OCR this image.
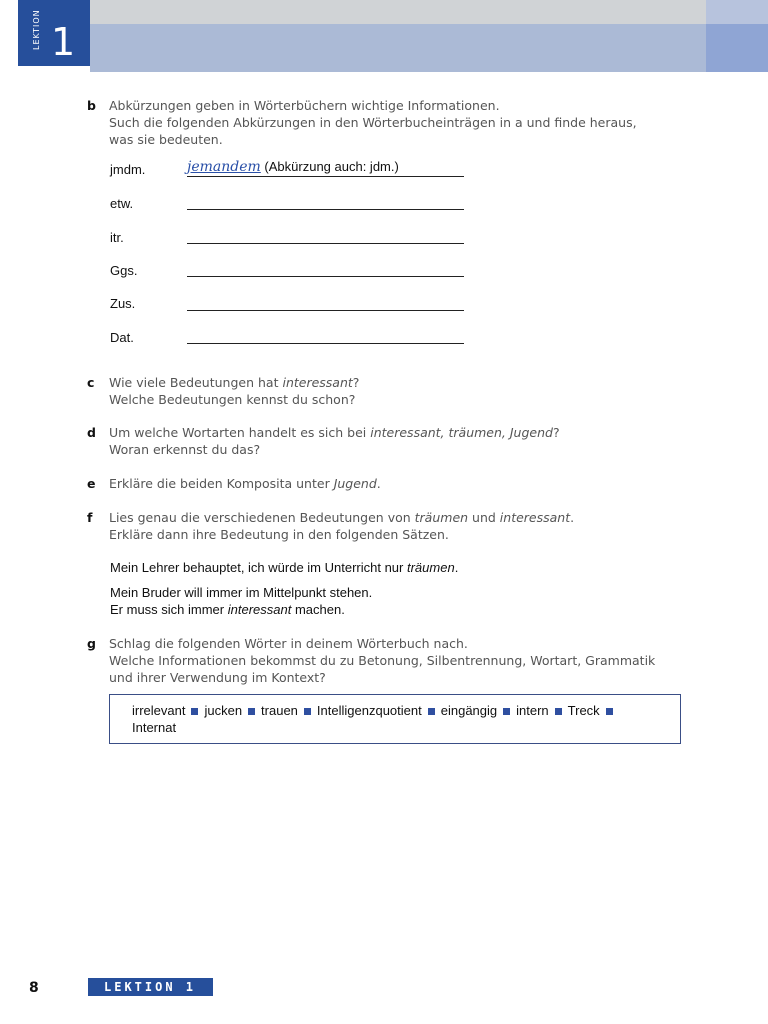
LEKTION 1
b Abkürzungen geben in Wörterbüchern wichtige Informationen.
Such die folgenden Abkürzungen in den Wörterbucheinträgen in a und finde heraus,
was sie bedeuten.
jmdm.	jemandem (Abkürzung auch: jdm.)
etw.
itr.
Ggs.
Zus.
Dat.
c Wie viele Bedeutungen hat interessant?
Welche Bedeutungen kennst du schon?
d Um welche Wortarten handelt es sich bei interessant, träumen, Jugend?
Woran erkennst du das?
e Erkläre die beiden Komposita unter Jugend.
f Lies genau die verschiedenen Bedeutungen von träumen und interessant.
Erkläre dann ihre Bedeutung in den folgenden Sätzen.
Mein Lehrer behauptet, ich würde im Unterricht nur träumen.
Mein Bruder will immer im Mittelpunkt stehen.
Er muss sich immer interessant machen.
g Schlag die folgenden Wörter in deinem Wörterbuch nach.
Welche Informationen bekommst du zu Betonung, Silbentrennung, Wortart, Grammatik
und ihrer Verwendung im Kontext?
irrelevant jucken trauen Intelligenzquotient eingängig intern Treck
Internat
8	LEKTION 1
